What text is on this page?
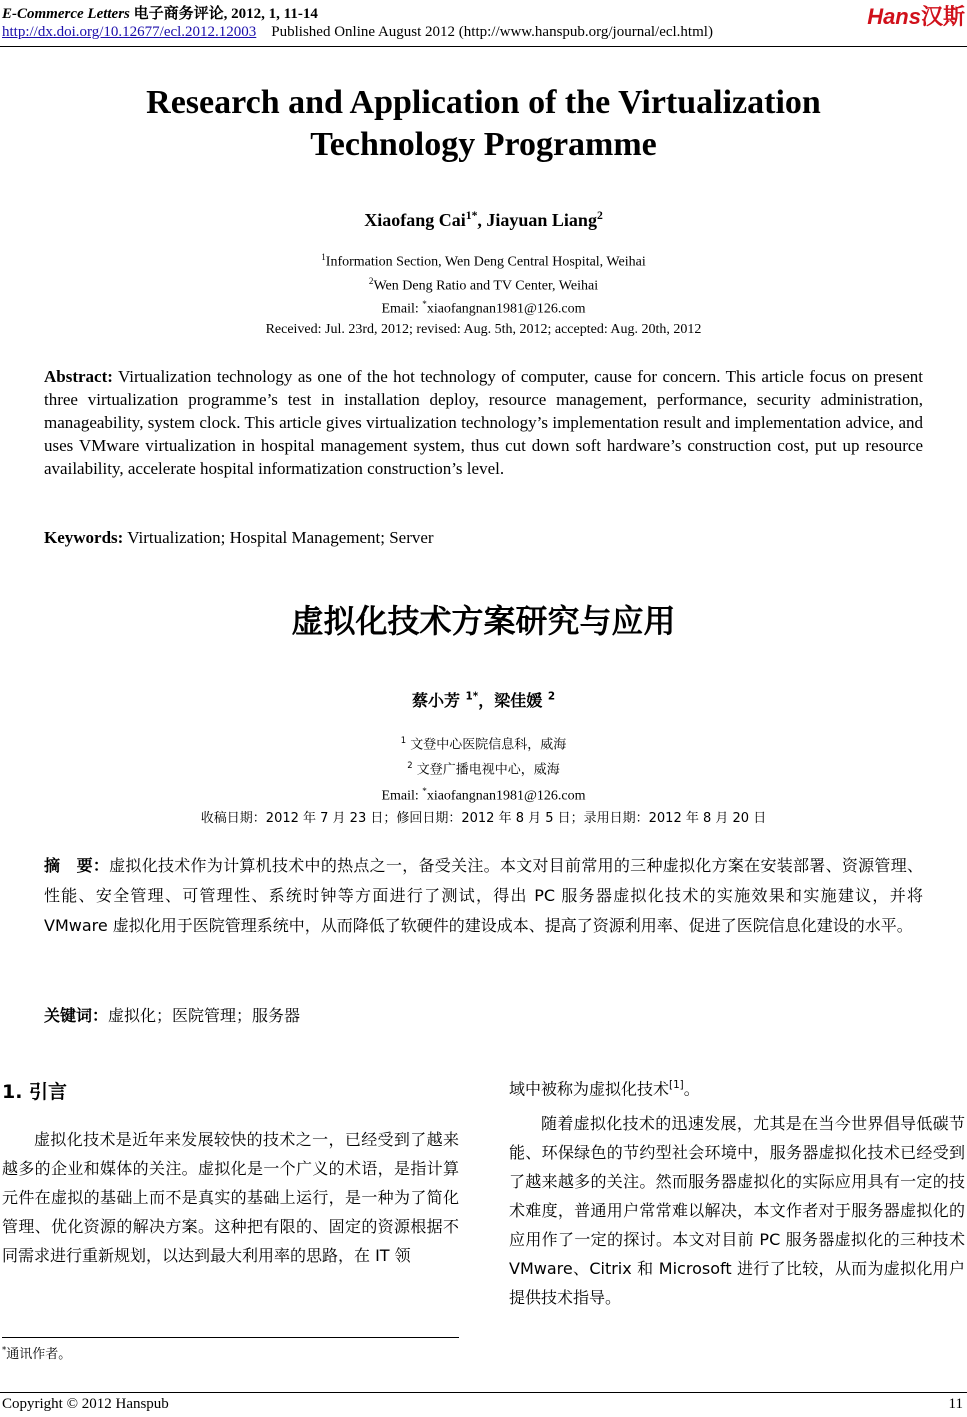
E-Commerce Letters 电子商务评论, 2012, 1, 11-14
http://dx.doi.org/10.12677/ecl.2012.12003 Published Online August 2012 (http://www.hanspub.org/journal/ecl.html)
Hans汉斯
Research and Application of the Virtualization
Technology Programme
Xiaofang Cai$^{1*}$, Jiayuan Liang$^2$
$^1$Information Section, Wen Deng Central Hospital, Weihai
$^2$Wen Deng Ratio and TV Center, Weihai
Email: *xiaofangnan1981@126.com
Received: Jul. 23rd, 2012; revised: Aug. 5th, 2012; accepted: Aug. 20th, 2012
Abstract: Virtualization technology as one of the hot technology of computer, cause for concern. This article focus on present three virtualization programme’s test in installation deploy, resource management, performance, security administration, manageability, system clock. This article gives virtualization technology’s implementation result and implementation advice, and uses VMware virtualization in hospital management system, thus cut down soft hardware’s construction cost, put up resource availability, accelerate hospital informatization construction’s level.
Keywords: Virtualization; Hospital Management; Server
虚拟化技术方案研究与应用
蔡小芳 $^{1*}$，梁佳媛 $^2$
$^1$ 文登中心医院信息科，威海
$^2$ 文登广播电视中心，威海
Email: *xiaofangnan1981@126.com
收稿日期：2012 年 7 月 23 日；修回日期：2012 年 8 月 5 日；录用日期：2012 年 8 月 20 日
摘　要：虚拟化技术作为计算机技术中的热点之一，备受关注。本文对目前常用的三种虚拟化方案在安装部署、资源管理、性能、安全管理、可管理性、系统时钟等方面进行了测试，得出 PC 服务器虚拟化技术的实施效果和实施建议，并将 VMware 虚拟化用于医院管理系统中，从而降低了软硬件的建设成本、提高了资源利用率、促进了医院信息化建设的水平。
关键词：虚拟化；医院管理；服务器
1. 引言
虚拟化技术是近年来发展较快的技术之一，已经受到了越来越多的企业和媒体的关注。虚拟化是一个广义的术语，是指计算元件在虚拟的基础上而不是真实的基础上运行，是一种为了简化管理、优化资源的解决方案。这种把有限的、固定的资源根据不同需求进行重新规划，以达到最大利用率的思路，在 IT 领
域中被称为虚拟化技术[1]。
随着虚拟化技术的迅速发展，尤其是在当今世界倡导低碳节能、环保绿色的节约型社会环境中，服务器虚拟化技术已经受到了越来越多的关注。然而服务器虚拟化的实际应用具有一定的技术难度，普通用户常常难以解决，本文作者对于服务器虚拟化的应用作了一定的探讨。本文对目前 PC 服务器虚拟化的三种技术 VMware、Citrix 和 Microsoft 进行了比较，从而为虚拟化用户提供技术指导。
*通讯作者。
Copyright © 2012 Hanspub	11
